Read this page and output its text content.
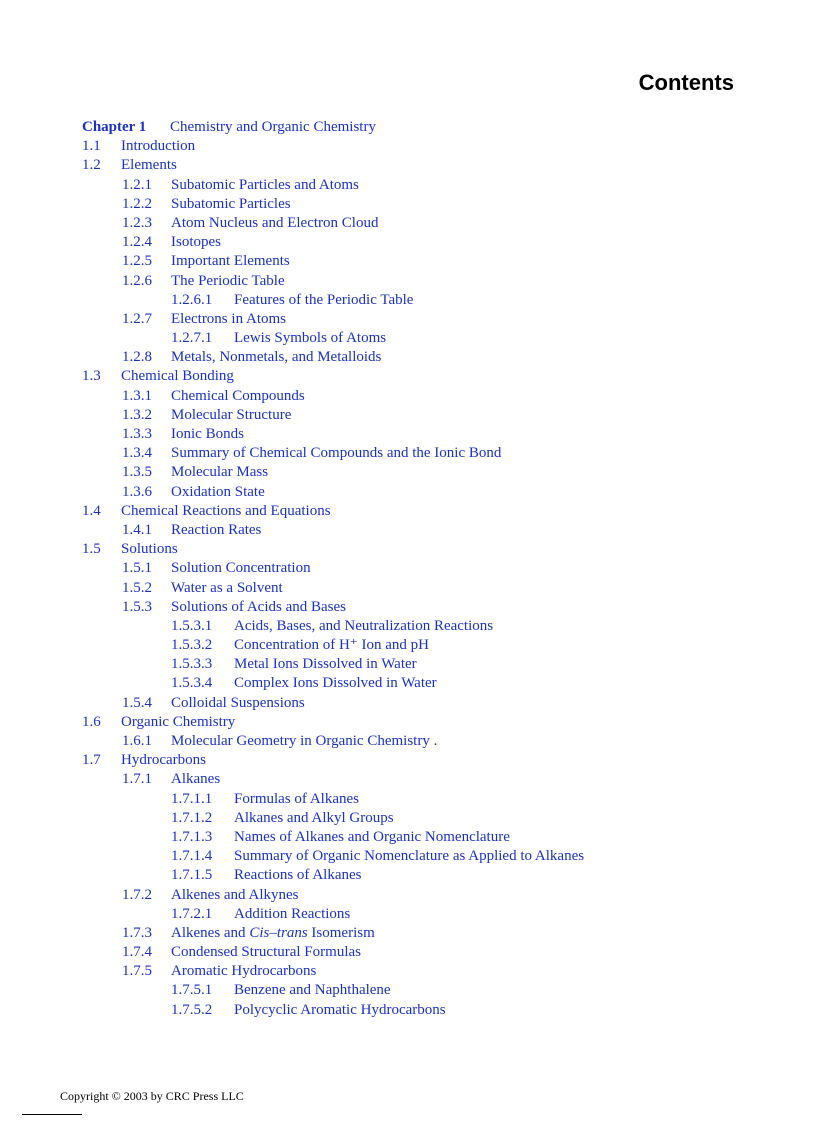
Contents
Chapter 1 Chemistry and Organic Chemistry
1.1 Introduction
1.2 Elements
1.2.1 Subatomic Particles and Atoms
1.2.2 Subatomic Particles
1.2.3 Atom Nucleus and Electron Cloud
1.2.4 Isotopes
1.2.5 Important Elements
1.2.6 The Periodic Table
1.2.6.1 Features of the Periodic Table
1.2.7 Electrons in Atoms
1.2.7.1 Lewis Symbols of Atoms
1.2.8 Metals, Nonmetals, and Metalloids
1.3 Chemical Bonding
1.3.1 Chemical Compounds
1.3.2 Molecular Structure
1.3.3 Ionic Bonds
1.3.4 Summary of Chemical Compounds and the Ionic Bond
1.3.5 Molecular Mass
1.3.6 Oxidation State
1.4 Chemical Reactions and Equations
1.4.1 Reaction Rates
1.5 Solutions
1.5.1 Solution Concentration
1.5.2 Water as a Solvent
1.5.3 Solutions of Acids and Bases
1.5.3.1 Acids, Bases, and Neutralization Reactions
1.5.3.2 Concentration of H⁺ Ion and pH
1.5.3.3 Metal Ions Dissolved in Water
1.5.3.4 Complex Ions Dissolved in Water
1.5.4 Colloidal Suspensions
1.6 Organic Chemistry
1.6.1 Molecular Geometry in Organic Chemistry .
1.7 Hydrocarbons
1.7.1 Alkanes
1.7.1.1 Formulas of Alkanes
1.7.1.2 Alkanes and Alkyl Groups
1.7.1.3 Names of Alkanes and Organic Nomenclature
1.7.1.4 Summary of Organic Nomenclature as Applied to Alkanes
1.7.1.5 Reactions of Alkanes
1.7.2 Alkenes and Alkynes
1.7.2.1 Addition Reactions
1.7.3 Alkenes and Cis–trans Isomerism
1.7.4 Condensed Structural Formulas
1.7.5 Aromatic Hydrocarbons
1.7.5.1 Benzene and Naphthalene
1.7.5.2 Polycyclic Aromatic Hydrocarbons
Copyright © 2003 by CRC Press LLC
